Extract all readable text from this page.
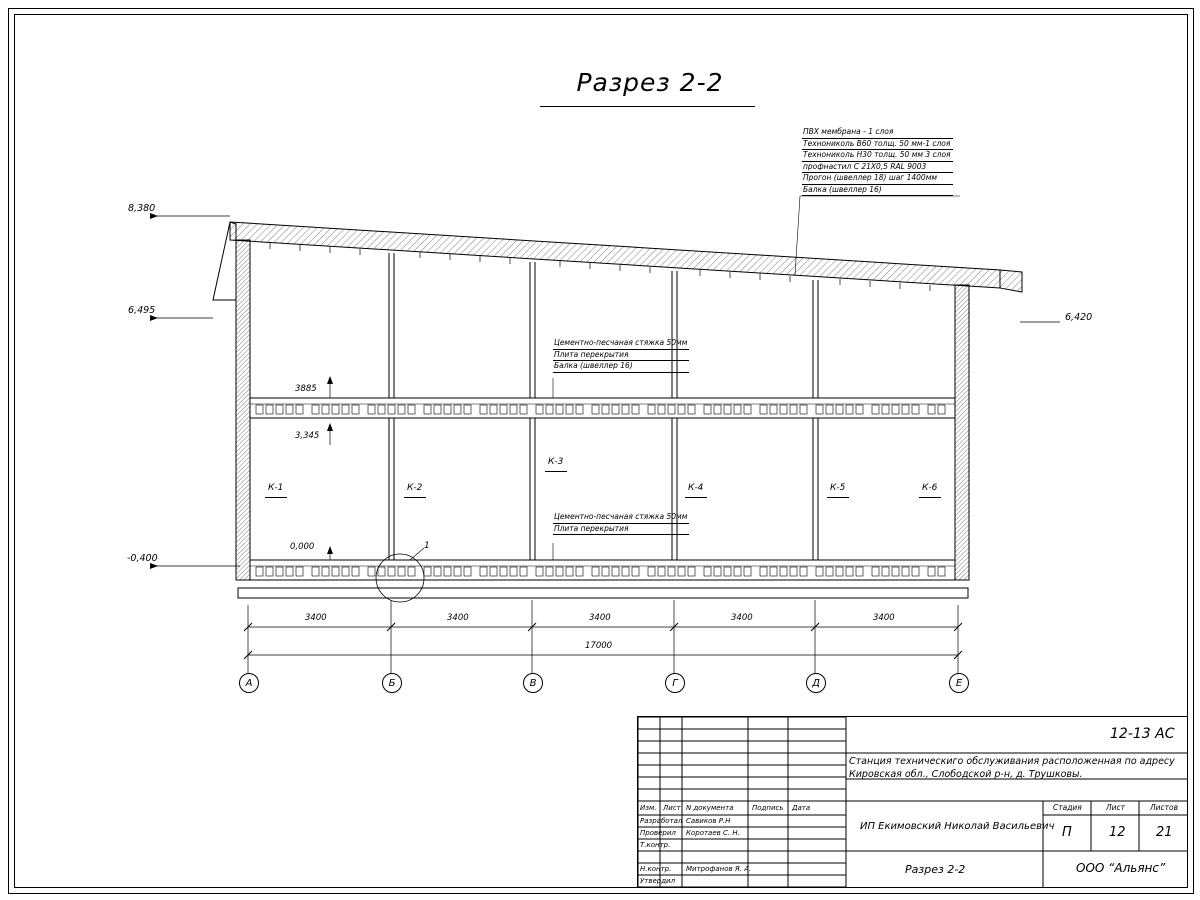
Разрез 2-2
ПВХ мембрана - 1 слоя
Технониколь В60 толщ. 50 мм-1 слоя
Технониколь Н30 толщ. 50 мм 3 слоя
профнастил С 21Х0,5 RAL 9003
Прогон (швеллер 18) шаг 1400мм
Балка (швеллер 16)
Цементно-песчаная стяжка 50мм
Плита перекрытия
Балка (швеллер 16)
Цементно-песчаная стяжка 50мм
Плита перекрытия
8,380
6,495
6,420
3885
3,345
0,000
-0,400
К-1	К-2
К-3
К-4	К-5	К-6
1
3400	3400	3400	3400	3400
17000
А	Б	В	Г	Д	Е
12-13 АС
Станция техническиго обслуживания расположенная по адресу
Кировская обл., Слободской р-н, д. Трушковы.
ИП Екимовский Николай Васильевич
Разрез 2-2	ООО “Альянс”
Стадия	Лист	Листов
П	12 21
Изм. Лист N документа	Подпись Дата
Разработал Савиков Р.Н
Проверил Коротаев С. Н.
Т.контр.
Н.контр. Митрофанов Я. А.
Утвердил
